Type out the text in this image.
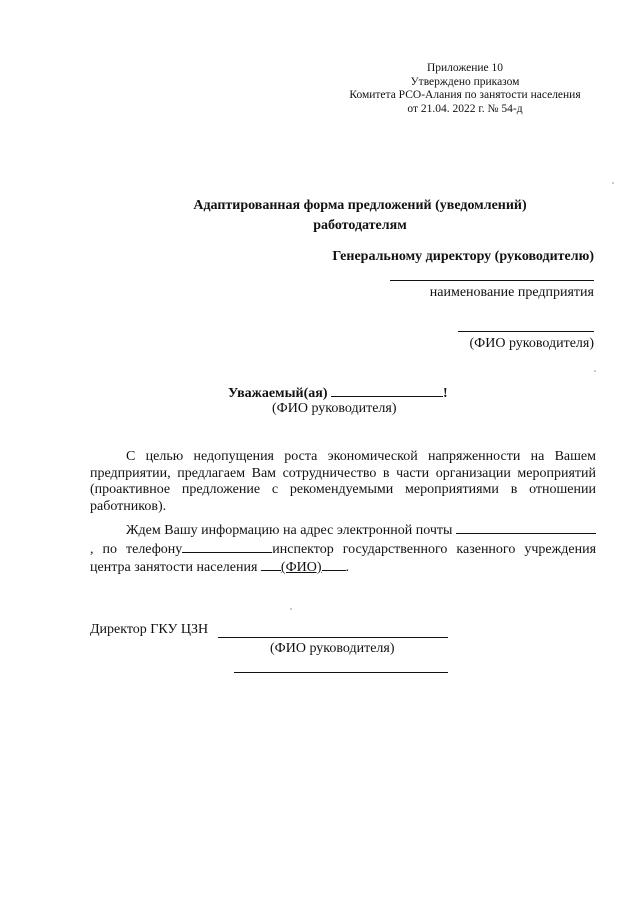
Приложение 10
Утверждено приказом
Комитета РСО-Алания по занятости населения
от 21.04. 2022 г. № 54-д
Адаптированная форма предложений (уведомлений)
работодателям
Генеральному директору (руководителю)
наименование предприятия
(ФИО руководителя)
Уважаемый(ая)	!
(ФИО руководителя)
С целью недопущения роста экономической напряженности на Вашем предприятии, предлагаем Вам сотрудничество в части организации мероприятий (проактивное предложение с рекомендуемыми мероприятиями в отношении работников).
Ждем Вашу информацию на адрес электронной почты , по телефону	инспектор государственного казенного учреждения центра занятости населения (ФИО) .
Директор ГКУ ЦЗН
(ФИО руководителя)
